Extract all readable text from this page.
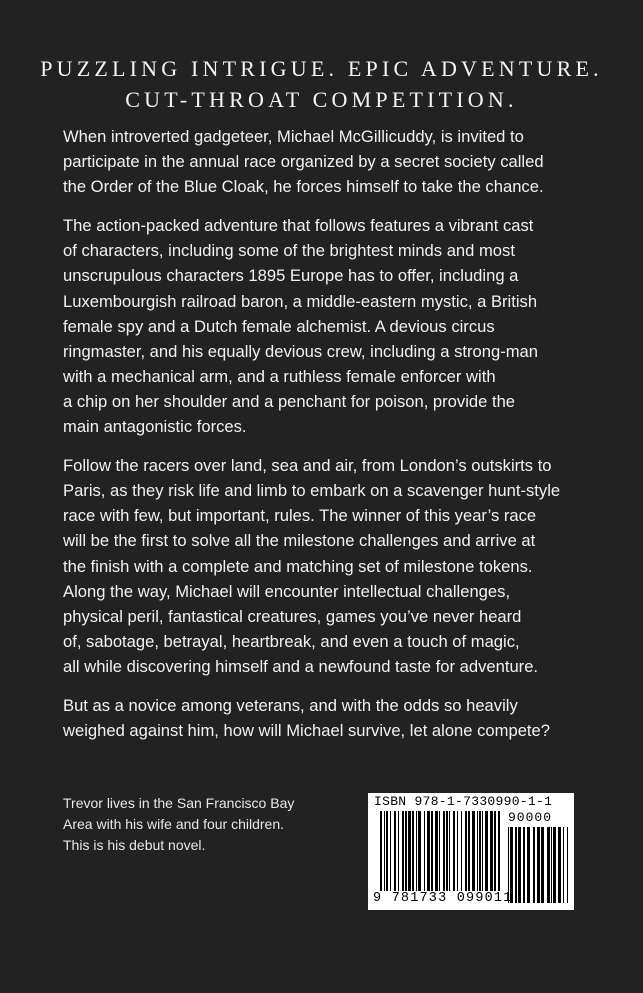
PUZZLING INTRIGUE. EPIC ADVENTURE.
CUT-THROAT COMPETITION.

When introverted gadgeteer, Michael McGillicuddy, is invited to
participate in the annual race organized by a secret society called
the Order of the Blue Cloak, he forces himself to take the chance.

The action-packed adventure that follows features a vibrant cast
of characters, including some of the brightest minds and most
unscrupulous characters 1895 Europe has to offer, including a
Luxembourgish railroad baron, a middle-eastern mystic, a British
female spy and a Dutch female alchemist. A devious circus
ringmaster, and his equally devious crew, including a strong-man
with a mechanical arm, and a ruthless female enforcer with
a chip on her shoulder and a penchant for poison, provide the
main antagonistic forces.

Follow the racers over land, sea and air, from London’s outskirts to
Paris, as they risk life and limb to embark on a scavenger hunt-style
race with few, but important, rules. The winner of this year’s race
will be the first to solve all the milestone challenges and arrive at
the finish with a complete and matching set of milestone tokens.
Along the way, Michael will encounter intellectual challenges,
physical peril, fantastical creatures, games you’ve never heard
of, sabotage, betrayal, heartbreak, and even a touch of magic,
all while discovering himself and a newfound taste for adventure.

But as a novice among veterans, and with the odds so heavily
weighed against him, how will Michael survive, let alone compete?

Trevor lives in the San Francisco Bay
Area with his wife and four children.
This is his debut novel.
ISBN 978-1-7330990-1-1
90000
9 781733 099011
